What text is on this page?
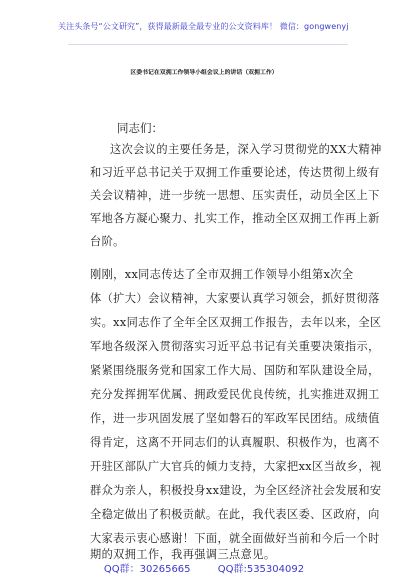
关注头条号“公文研究”，获得最新最全最专业的公文资料库！ 微信：gongwenyj
区委书记在双拥工作领导小组会议上的讲话（双拥工作）
同志们：
这次会议的主要任务是，深入学习贯彻党的XX大精神
和习近平总书记关于双拥工作重要论述，传达贯彻上级有
关会议精神，进一步统一思想、压实责任，动员全区上下
军地各方凝心聚力、扎实工作，推动全区双拥工作再上新
台阶。
刚刚，xx同志传达了全市双拥工作领导小组第x次全
体（扩大）会议精神，大家要认真学习领会，抓好贯彻落
实。xx同志作了全年全区双拥工作报告，去年以来，全区
军地各级深入贯彻落实习近平总书记有关重要决策指示，
紧紧围绕服务党和国家工作大局、国防和军队建设全局，
充分发挥拥军优属、拥政爱民优良传统，扎实推进双拥工
作，进一步巩固发展了坚如磐石的军政军民团结。成绩值
得肯定，这离不开同志们的认真履职、积极作为，也离不
开驻区部队广大官兵的倾力支持，大家把xx区当故乡，视
群众为亲人，积极投身xx建设，为全区经济社会发展和安
全稳定做出了积极贡献。在此，我代表区委、区政府，向
大家表示衷心感谢！下面，就全面做好当前和今后一个时
期的双拥工作，我再强调三点意见。
QQ群：30265665	QQ群:535304092
